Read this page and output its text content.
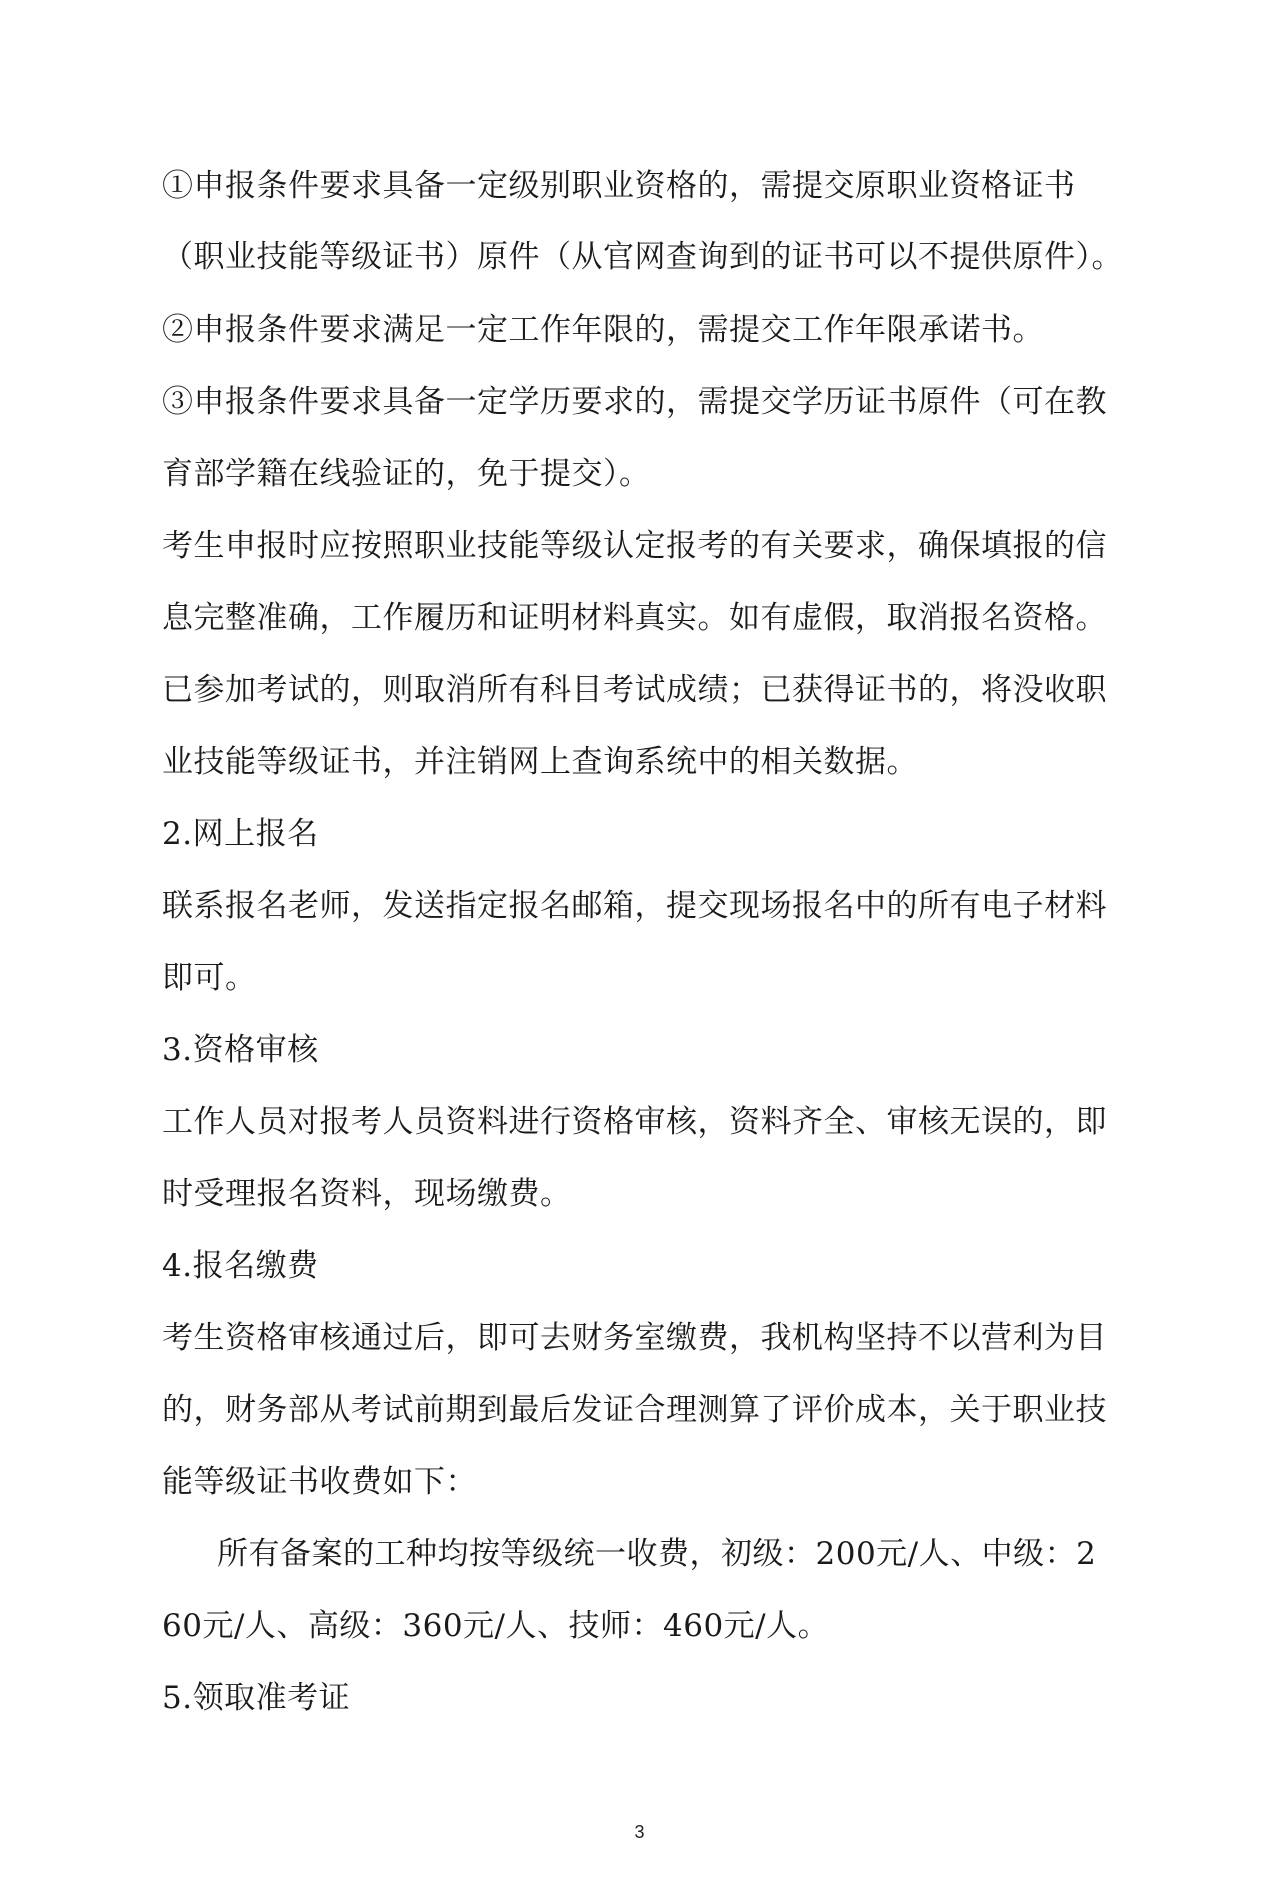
①申报条件要求具备一定级别职业资格的，需提交原职业资格证书
（职业技能等级证书）原件（从官网查询到的证书可以不提供原件）。
②申报条件要求满足一定工作年限的，需提交工作年限承诺书。
③申报条件要求具备一定学历要求的，需提交学历证书原件（可在教
育部学籍在线验证的，免于提交）。
考生申报时应按照职业技能等级认定报考的有关要求，确保填报的信
息完整准确，工作履历和证明材料真实。如有虚假，取消报名资格。
已参加考试的，则取消所有科目考试成绩；已获得证书的，将没收职
业技能等级证书，并注销网上查询系统中的相关数据。
2.网上报名
联系报名老师，发送指定报名邮箱，提交现场报名中的所有电子材料
即可。
3.资格审核
工作人员对报考人员资料进行资格审核，资料齐全、审核无误的，即
时受理报名资料，现场缴费。
4.报名缴费
考生资格审核通过后，即可去财务室缴费，我机构坚持不以营利为目
的，财务部从考试前期到最后发证合理测算了评价成本，关于职业技
能等级证书收费如下：
所有备案的工种均按等级统一收费，初级：200元/人、中级：2
60元/人、高级：360元/人、技师：460元/人。
5.领取准考证
3
